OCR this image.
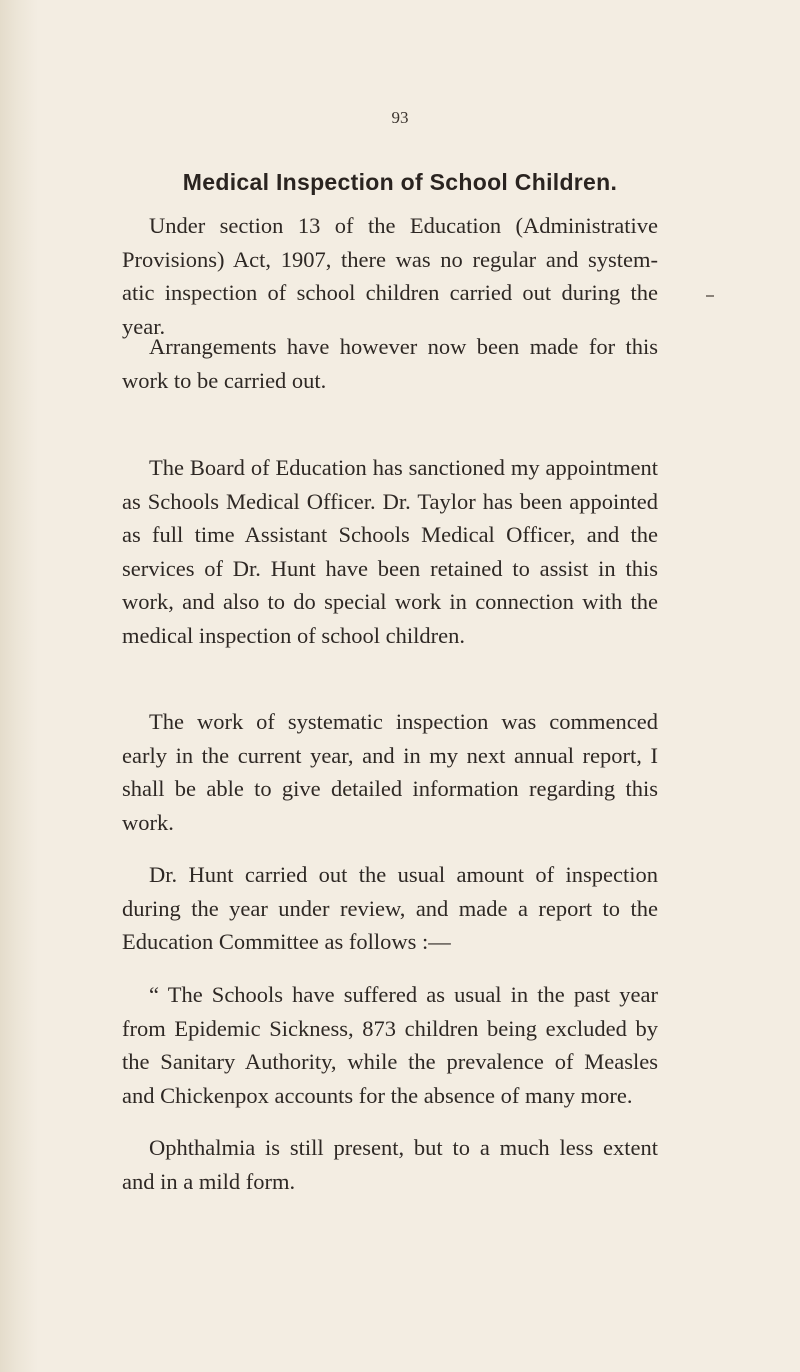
93
Medical Inspection of School Children.

Under section 13 of the Education (Administrative Provisions) Act, 1907, there was no regular and system-atic inspection of school children carried out during the year.

Arrangements have however now been made for this work to be carried out.

The Board of Education has sanctioned my appointment as Schools Medical Officer. Dr. Taylor has been appointed as full time Assistant Schools Medical Officer, and the services of Dr. Hunt have been retained to assist in this work, and also to do special work in connection with the medical inspection of school children.

The work of systematic inspection was commenced early in the current year, and in my next annual report, I shall be able to give detailed information regarding this work.

Dr. Hunt carried out the usual amount of inspection during the year under review, and made a report to the Education Committee as follows :—

“ The Schools have suffered as usual in the past year from Epidemic Sickness, 873 children being excluded by the Sanitary Authority, while the prevalence of Measles and Chickenpox accounts for the absence of many more.

Ophthalmia is still present, but to a much less extent and in a mild form.
